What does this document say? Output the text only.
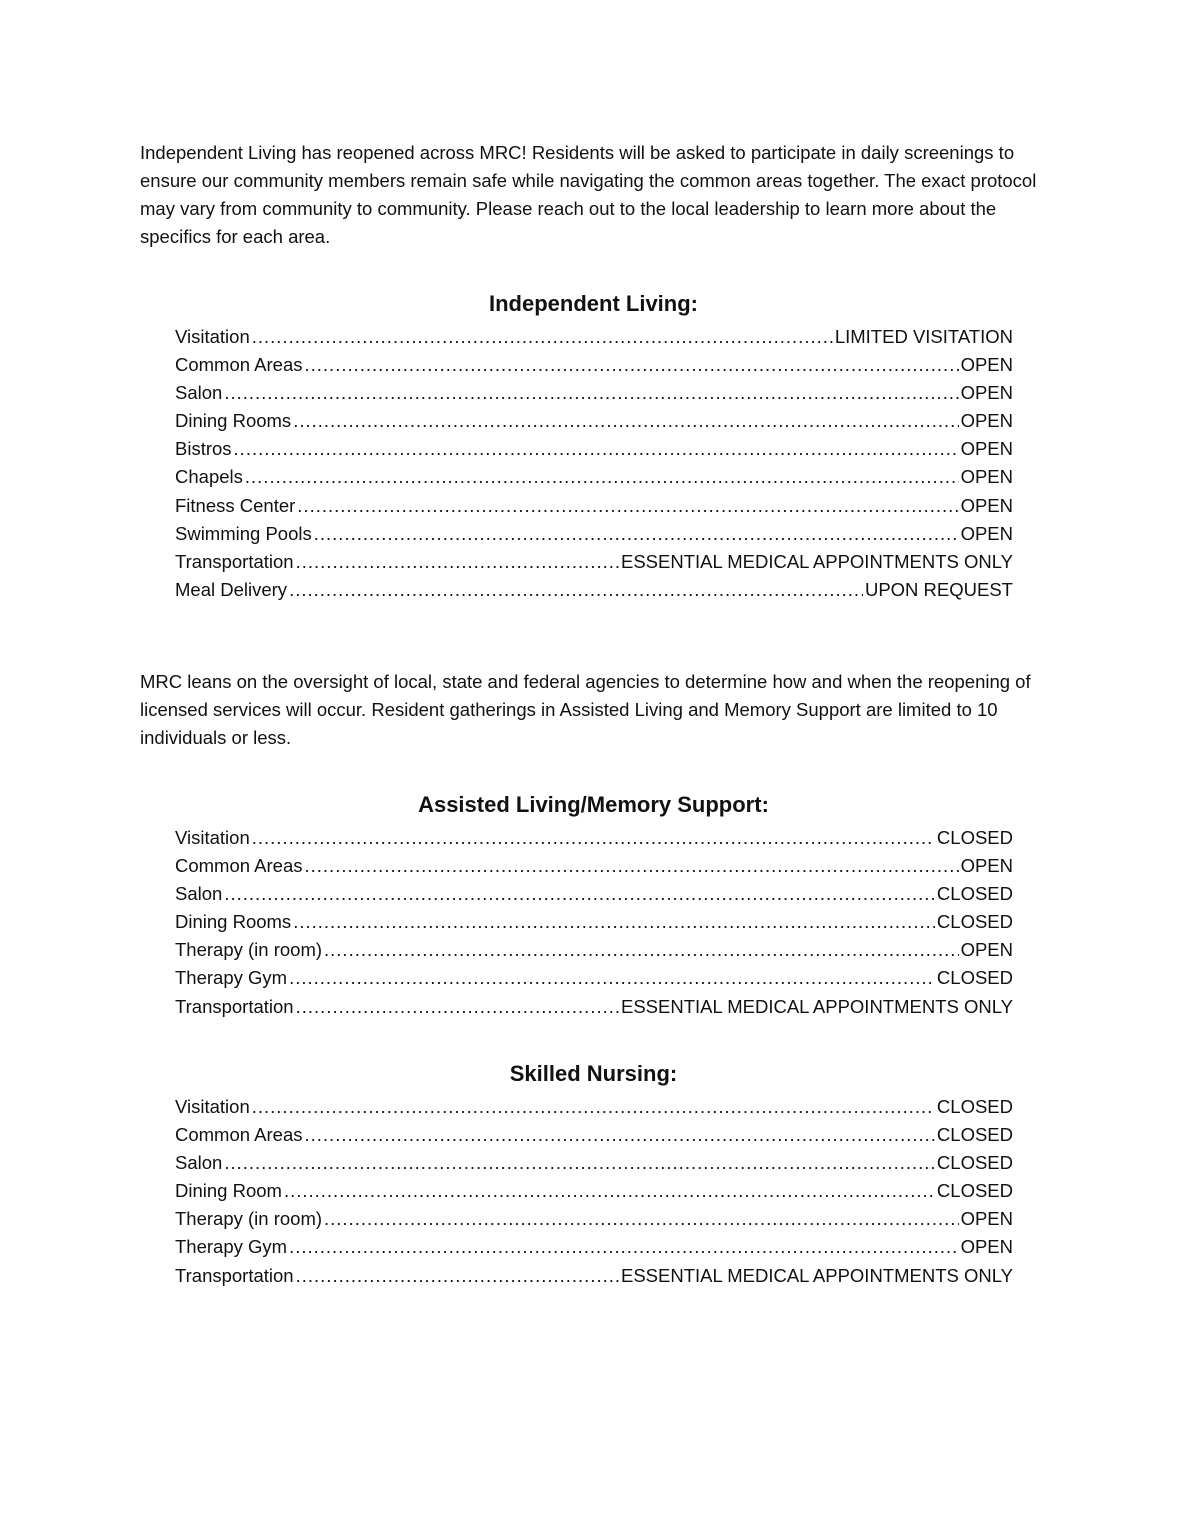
Independent Living has reopened across MRC! Residents will be asked to participate in daily screenings to ensure our community members remain safe while navigating the common areas together. The exact protocol may vary from community to community. Please reach out to the local leadership to learn more about the specifics for each area.

Independent Living:
Visitation .....	LIMITED VISITATION
Common Areas .....	OPEN
Salon .....	OPEN
Dining Rooms .....	OPEN
Bistros .....	OPEN
Chapels .....	OPEN
Fitness Center .....	OPEN
Swimming Pools .....	OPEN
Transportation .....	ESSENTIAL MEDICAL APPOINTMENTS ONLY
Meal Delivery .....	UPON REQUEST

MRC leans on the oversight of local, state and federal agencies to determine how and when the reopening of licensed services will occur. Resident gatherings in Assisted Living and Memory Support are limited to 10 individuals or less.

Assisted Living/Memory Support:
Visitation .....	CLOSED
Common Areas .....	OPEN
Salon .....	CLOSED
Dining Rooms .....	CLOSED
Therapy (in room) .....	OPEN
Therapy Gym .....	CLOSED
Transportation .....	ESSENTIAL MEDICAL APPOINTMENTS ONLY
Skilled Nursing:
Visitation .....	CLOSED
Common Areas .....	CLOSED
Salon .....	CLOSED
Dining Room .....	CLOSED
Therapy (in room) .....	OPEN
Therapy Gym .....	OPEN
Transportation .....	ESSENTIAL MEDICAL APPOINTMENTS ONLY
